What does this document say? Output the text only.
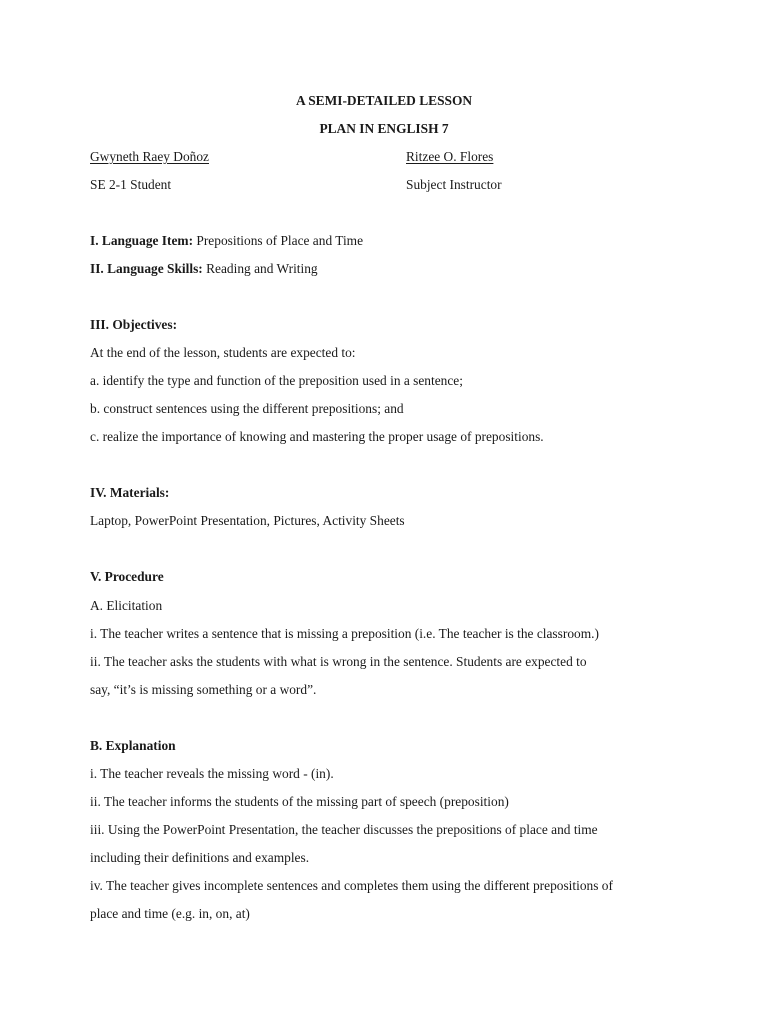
A SEMI-DETAILED LESSON
PLAN IN ENGLISH 7
Gwyneth Raey Doñoz	Ritzee O. Flores
SE 2-1 Student	Subject Instructor
I. Language Item: Prepositions of Place and Time
II. Language Skills: Reading and Writing
III. Objectives:
At the end of the lesson, students are expected to:
a. identify the type and function of the preposition used in a sentence;
b. construct sentences using the different prepositions; and
c. realize the importance of knowing and mastering the proper usage of prepositions.
IV. Materials:
Laptop, PowerPoint Presentation, Pictures, Activity Sheets
V. Procedure
A. Elicitation
i. The teacher writes a sentence that is missing a preposition (i.e. The teacher is the classroom.)
ii. The teacher asks the students with what is wrong in the sentence. Students are expected to
say, “it’s is missing something or a word”.
B. Explanation
i. The teacher reveals the missing word - (in).
ii. The teacher informs the students of the missing part of speech (preposition)
iii. Using the PowerPoint Presentation, the teacher discusses the prepositions of place and time
including their definitions and examples.
iv. The teacher gives incomplete sentences and completes them using the different prepositions of
place and time (e.g. in, on, at)
